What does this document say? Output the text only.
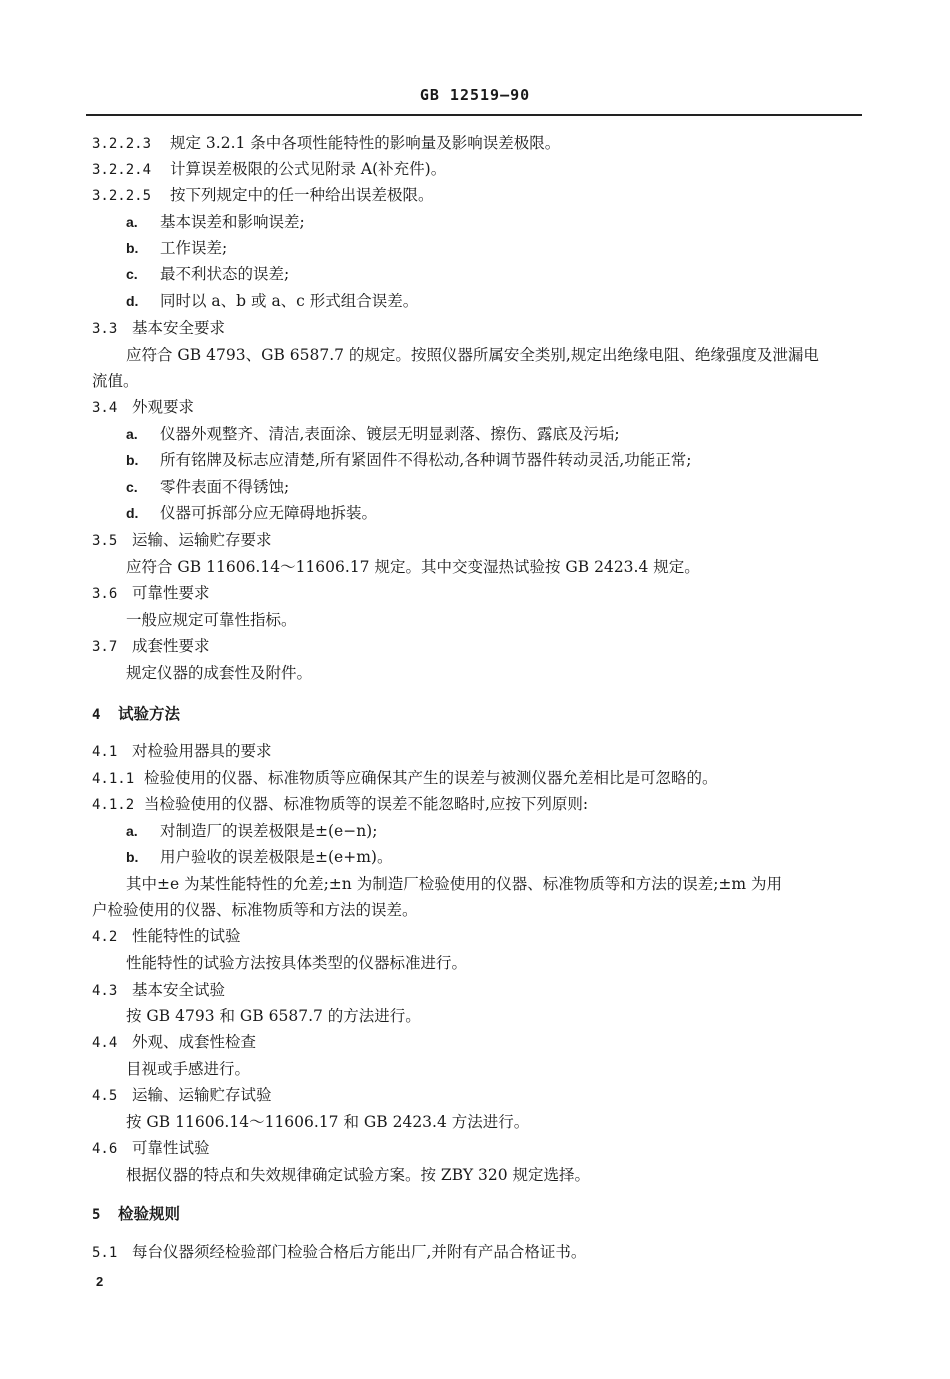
GB 12519—90
3.2.2.3 规定 3.2.1 条中各项性能特性的影响量及影响误差极限。
3.2.2.4 计算误差极限的公式见附录 A(补充件)。
3.2.2.5 按下列规定中的任一种给出误差极限。
a. 基本误差和影响误差;
b. 工作误差;
c. 最不利状态的误差;
d. 同时以 a、b 或 a、c 形式组合误差。
3.3 基本安全要求
应符合 GB 4793、GB 6587.7 的规定。按照仪器所属安全类别,规定出绝缘电阻、绝缘强度及泄漏电
流值。
3.4 外观要求
a. 仪器外观整齐、清洁,表面涂、镀层无明显剥落、擦伤、露底及污垢;
b. 所有铭牌及标志应清楚,所有紧固件不得松动,各种调节器件转动灵活,功能正常;
c. 零件表面不得锈蚀;
d. 仪器可拆部分应无障碍地拆装。
3.5 运输、运输贮存要求
应符合 GB 11606.14～11606.17 规定。其中交变湿热试验按 GB 2423.4 规定。
3.6 可靠性要求
一般应规定可靠性指标。
3.7 成套性要求
规定仪器的成套性及附件。
4 试验方法
4.1 对检验用器具的要求
4.1.1 检验使用的仪器、标准物质等应确保其产生的误差与被测仪器允差相比是可忽略的。
4.1.2 当检验使用的仪器、标准物质等的误差不能忽略时,应按下列原则:
a. 对制造厂的误差极限是±(e−n);
b. 用户验收的误差极限是±(e+m)。
其中±e 为某性能特性的允差;±n 为制造厂检验使用的仪器、标准物质等和方法的误差;±m 为用
户检验使用的仪器、标准物质等和方法的误差。
4.2 性能特性的试验
性能特性的试验方法按具体类型的仪器标准进行。
4.3 基本安全试验
按 GB 4793 和 GB 6587.7 的方法进行。
4.4 外观、成套性检查
目视或手感进行。
4.5 运输、运输贮存试验
按 GB 11606.14～11606.17 和 GB 2423.4 方法进行。
4.6 可靠性试验
根据仪器的特点和失效规律确定试验方案。按 ZBY 320 规定选择。
5 检验规则
5.1 每台仪器须经检验部门检验合格后方能出厂,并附有产品合格证书。
2
